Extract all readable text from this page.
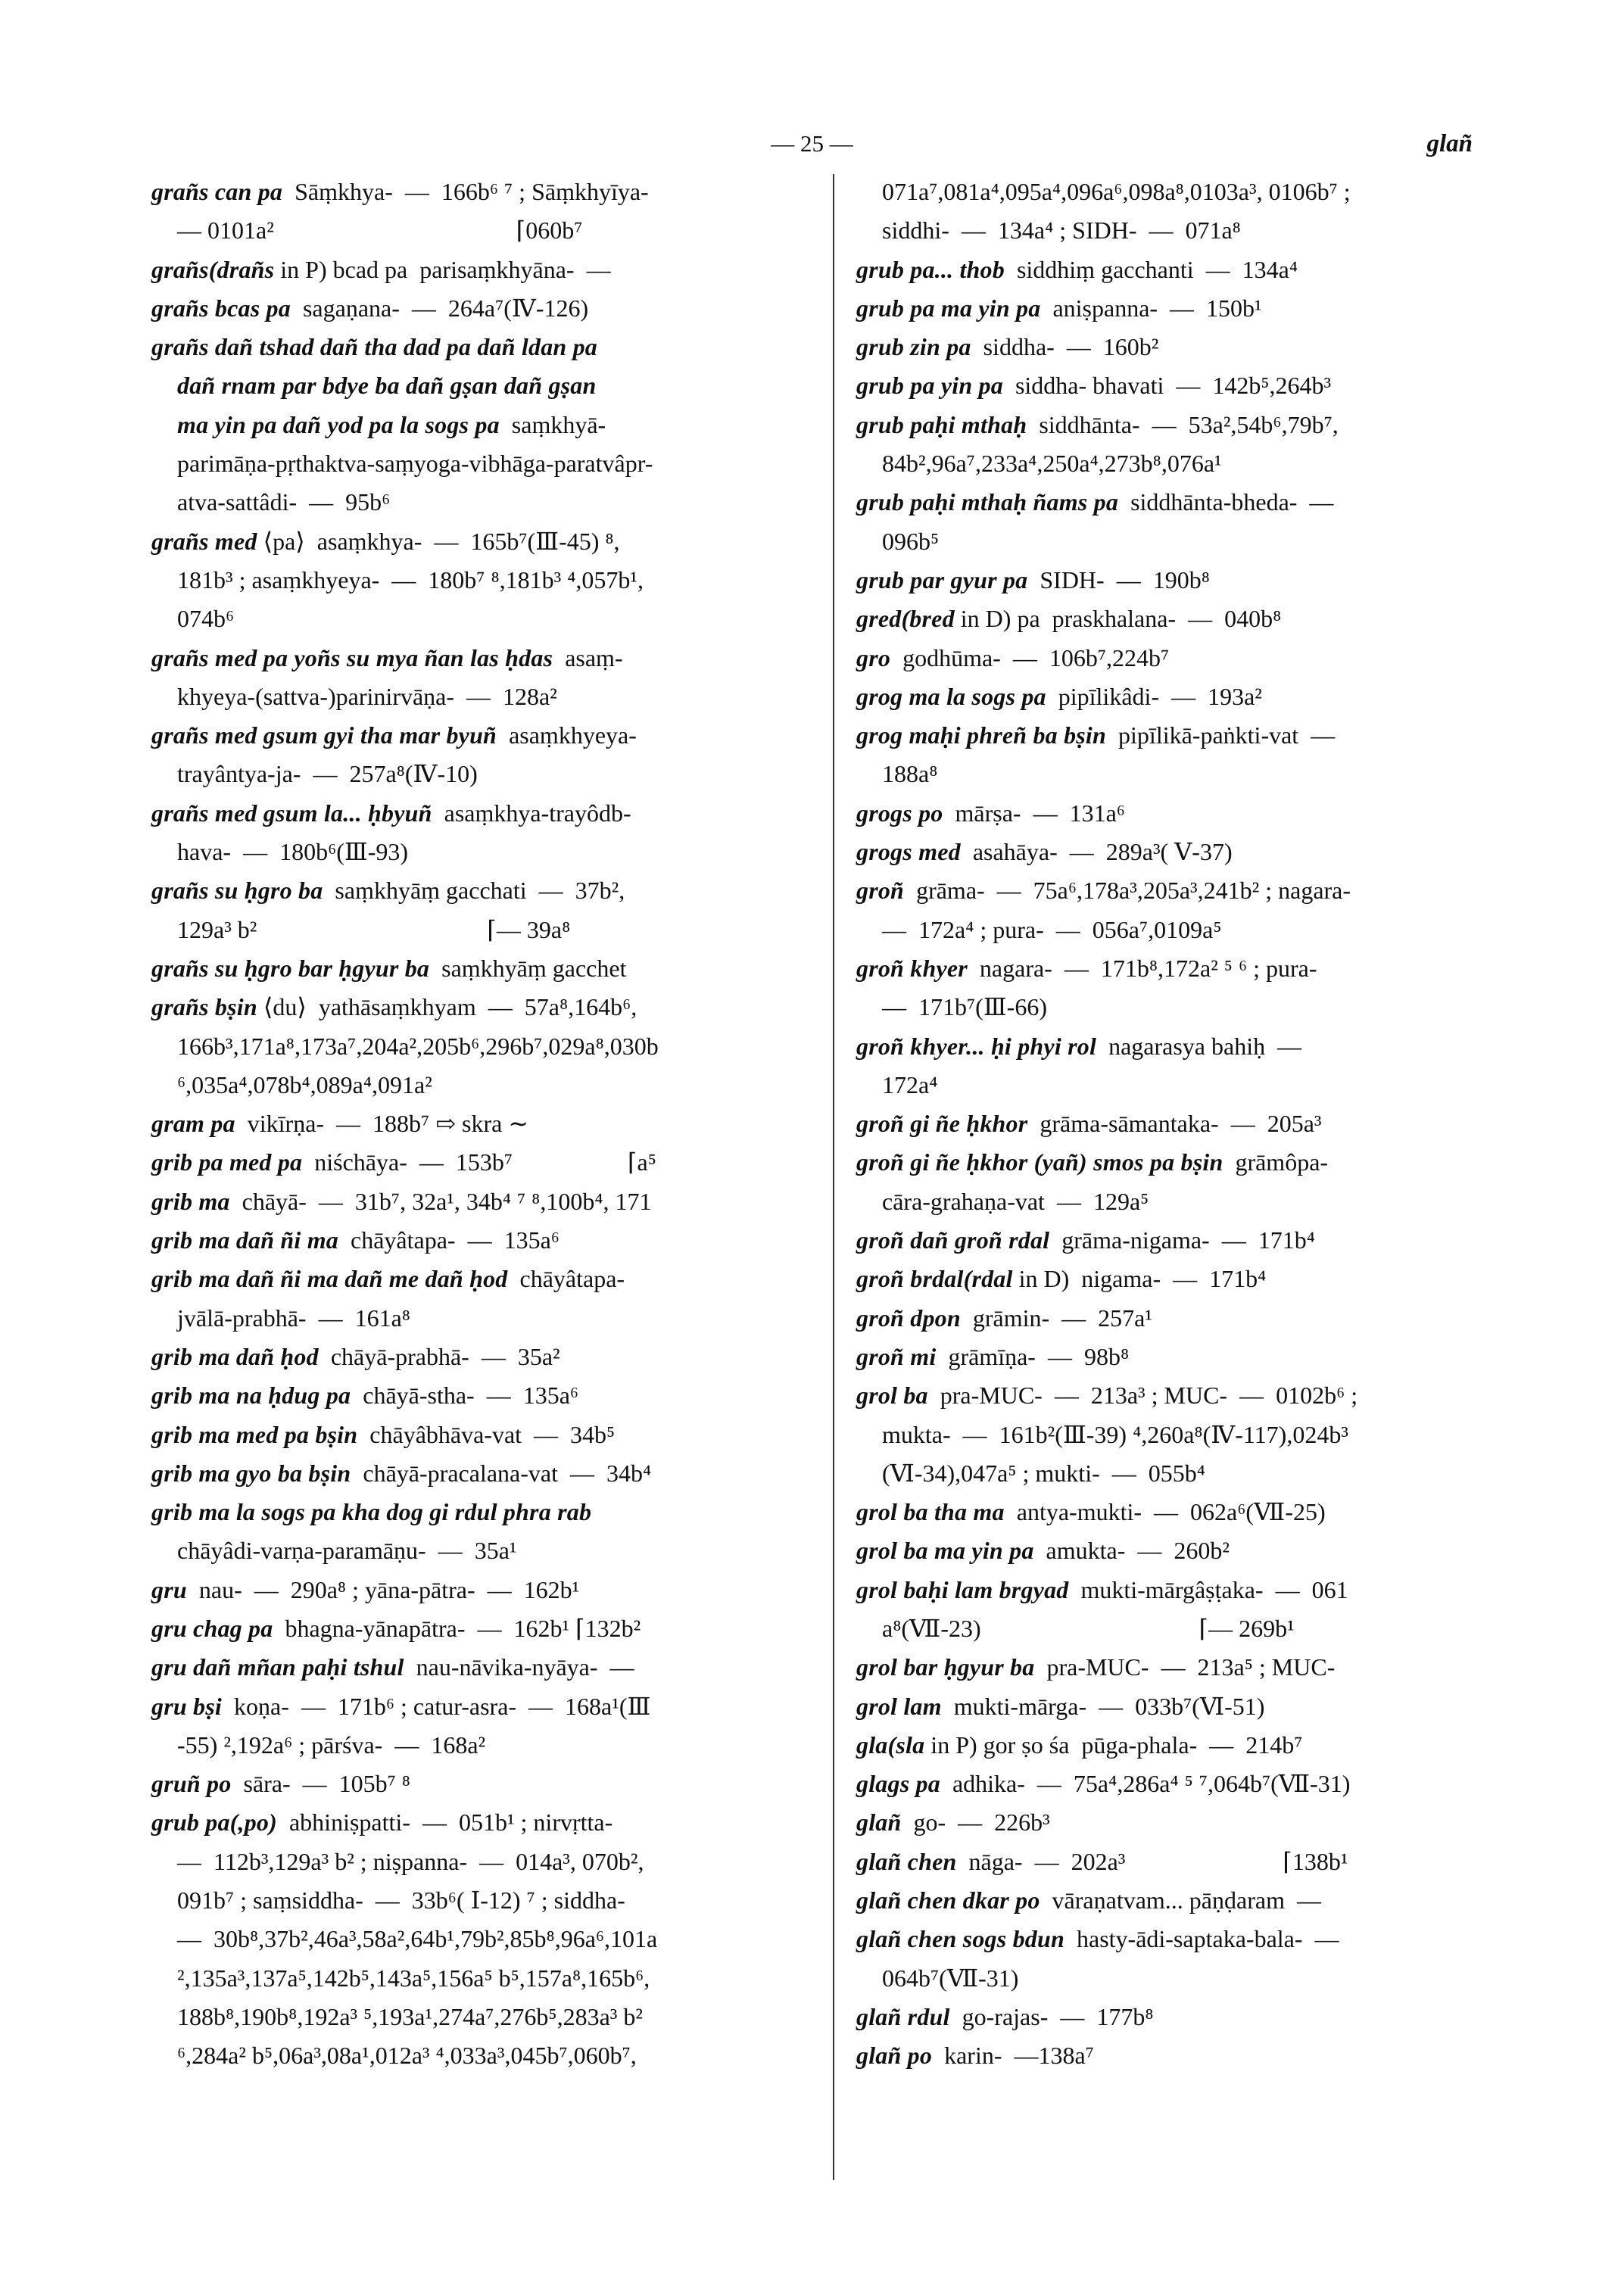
— 25 —	glañ
grañs can pa  Sāṃkhya-  —  166b⁶ ⁷ ; Sāṃkhyīya-
— 0101a²                                        ⌈060b⁷
grañs(drañs in P) bcad pa  parisaṃkhyāna-  —
grañs bcas pa  sagaṇana-  —  264a⁷(Ⅳ-126)
grañs dañ tshad dañ tha dad pa dañ ldan pa
dañ rnam par bdye ba dañ gṣan dañ gṣan
ma yin pa dañ yod pa la sogs pa  saṃkhyā-
parimāṇa-pṛthaktva-saṃyoga-vibhāga-paratvâpr-
atva-sattâdi-  —  95b⁶
grañs med ⟨pa⟩  asaṃkhya-  —  165b⁷(Ⅲ-45) ⁸,
181b³ ; asaṃkhyeya-  —  180b⁷ ⁸,181b³ ⁴,057b¹,
074b⁶
grañs med pa yoñs su mya ñan las ḥdas  asaṃ-
khyeya-(sattva-)parinirvāṇa-  —  128a²
grañs med gsum gyi tha mar byuñ  asaṃkhyeya-
trayântya-ja-  —  257a⁸(Ⅳ-10)
grañs med gsum la... ḥbyuñ  asaṃkhya-trayôdb-
hava-  —  180b⁶(Ⅲ-93)
grañs su ḥgro ba  saṃkhyāṃ gacchati  —  37b²,
129a³ b²                                      ⌈— 39a⁸
grañs su ḥgro bar ḥgyur ba  saṃkhyāṃ gacchet
grañs bṣin ⟨du⟩  yathāsaṃkhyam  —  57a⁸,164b⁶,
166b³,171a⁸,173a⁷,204a²,205b⁶,296b⁷,029a⁸,030b
⁶,035a⁴,078b⁴,089a⁴,091a²
gram pa  vikīrṇa-  —  188b⁷ ⇨ skra ∼
grib pa med pa  niśchāya-  —  153b⁷                   ⌈a⁵
grib ma  chāyā-  —  31b⁷, 32a¹, 34b⁴ ⁷ ⁸,100b⁴, 171
grib ma dañ ñi ma  chāyâtapa-  —  135a⁶
grib ma dañ ñi ma dañ me dañ ḥod  chāyâtapa-
jvālā-prabhā-  —  161a⁸
grib ma dañ ḥod  chāyā-prabhā-  —  35a²
grib ma na ḥdug pa  chāyā-stha-  —  135a⁶
grib ma med pa bṣin  chāyâbhāva-vat  —  34b⁵
grib ma gyo ba bṣin  chāyā-pracalana-vat  —  34b⁴
grib ma la sogs pa kha dog gi rdul phra rab
chāyâdi-varṇa-paramāṇu-  —  35a¹
gru  nau-  —  290a⁸ ; yāna-pātra-  —  162b¹
gru chag pa  bhagna-yānapātra-  —  162b¹ ⌈132b²
gru dañ mñan paḥi tshul  nau-nāvika-nyāya-  —
gru bṣi  koṇa-  —  171b⁶ ; catur-asra-  —  168a¹(Ⅲ
-55) ²,192a⁶ ; pārśva-  —  168a²
gruñ po  sāra-  —  105b⁷ ⁸
grub pa(,po)  abhiniṣpatti-  —  051b¹ ; nirvṛtta-
—  112b³,129a³ b² ; niṣpanna-  —  014a³, 070b²,
091b⁷ ; saṃsiddha-  —  33b⁶( Ⅰ-12) ⁷ ; siddha-
—  30b⁸,37b²,46a³,58a²,64b¹,79b²,85b⁸,96a⁶,101a
²,135a³,137a⁵,142b⁵,143a⁵,156a⁵ b⁵,157a⁸,165b⁶,
188b⁸,190b⁸,192a³ ⁵,193a¹,274a⁷,276b⁵,283a³ b²
⁶,284a² b⁵,06a³,08a¹,012a³ ⁴,033a³,045b⁷,060b⁷,
071a⁷,081a⁴,095a⁴,096a⁶,098a⁸,0103a³, 0106b⁷ ;
siddhi-  —  134a⁴ ; SIDH-  —  071a⁸
grub pa... thob  siddhiṃ gacchanti  —  134a⁴
grub pa ma yin pa  aniṣpanna-  —  150b¹
grub zin pa  siddha-  —  160b²
grub pa yin pa  siddha- bhavati  —  142b⁵,264b³
grub paḥi mthaḥ  siddhānta-  —  53a²,54b⁶,79b⁷,
84b²,96a⁷,233a⁴,250a⁴,273b⁸,076a¹
grub paḥi mthaḥ ñams pa  siddhānta-bheda-  —
096b⁵
grub par gyur pa  SIDH-  —  190b⁸
gred(bred in D) pa  praskhalana-  —  040b⁸
gro  godhūma-  —  106b⁷,224b⁷
grog ma la sogs pa  pipīlikâdi-  —  193a²
grog maḥi phreñ ba bṣin  pipīlikā-paṅkti-vat  —
188a⁸
grogs po  mārṣa-  —  131a⁶
grogs med  asahāya-  —  289a³( Ⅴ-37)
groñ  grāma-  —  75a⁶,178a³,205a³,241b² ; nagara-
—  172a⁴ ; pura-  —  056a⁷,0109a⁵
groñ khyer  nagara-  —  171b⁸,172a² ⁵ ⁶ ; pura-
—  171b⁷(Ⅲ-66)
groñ khyer... ḥi phyi rol  nagarasya bahiḥ  —
172a⁴
groñ gi ñe ḥkhor  grāma-sāmantaka-  —  205a³
groñ gi ñe ḥkhor (yañ) smos pa bṣin  grāmôpa-
cāra-grahaṇa-vat  —  129a⁵
groñ dañ groñ rdal  grāma-nigama-  —  171b⁴
groñ brdal(rdal in D)  nigama-  —  171b⁴
groñ dpon  grāmin-  —  257a¹
groñ mi  grāmīṇa-  —  98b⁸
grol ba  pra-MUC-  —  213a³ ; MUC-  —  0102b⁶ ;
mukta-  —  161b²(Ⅲ-39) ⁴,260a⁸(Ⅳ-117),024b³
(Ⅵ-34),047a⁵ ; mukti-  —  055b⁴
grol ba tha ma  antya-mukti-  —  062a⁶(Ⅶ-25)
grol ba ma yin pa  amukta-  —  260b²
grol baḥi lam brgyad  mukti-mārgâṣṭaka-  —  061
a⁸(Ⅶ-23)                                    ⌈— 269b¹
grol bar ḥgyur ba  pra-MUC-  —  213a⁵ ; MUC-
grol lam  mukti-mārga-  —  033b⁷(Ⅵ-51)
gla(sla in P) gor ṣo śa  pūga-phala-  —  214b⁷
glags pa  adhika-  —  75a⁴,286a⁴ ⁵ ⁷,064b⁷(Ⅶ-31)
glañ  go-  —  226b³
glañ chen  nāga-  —  202a³                          ⌈138b¹
glañ chen dkar po  vāraṇatvam... pāṇḍaram  —
glañ chen sogs bdun  hasty-ādi-saptaka-bala-  —
064b⁷(Ⅶ-31)
glañ rdul  go-rajas-  —  177b⁸
glañ po  karin-  —138a⁷
